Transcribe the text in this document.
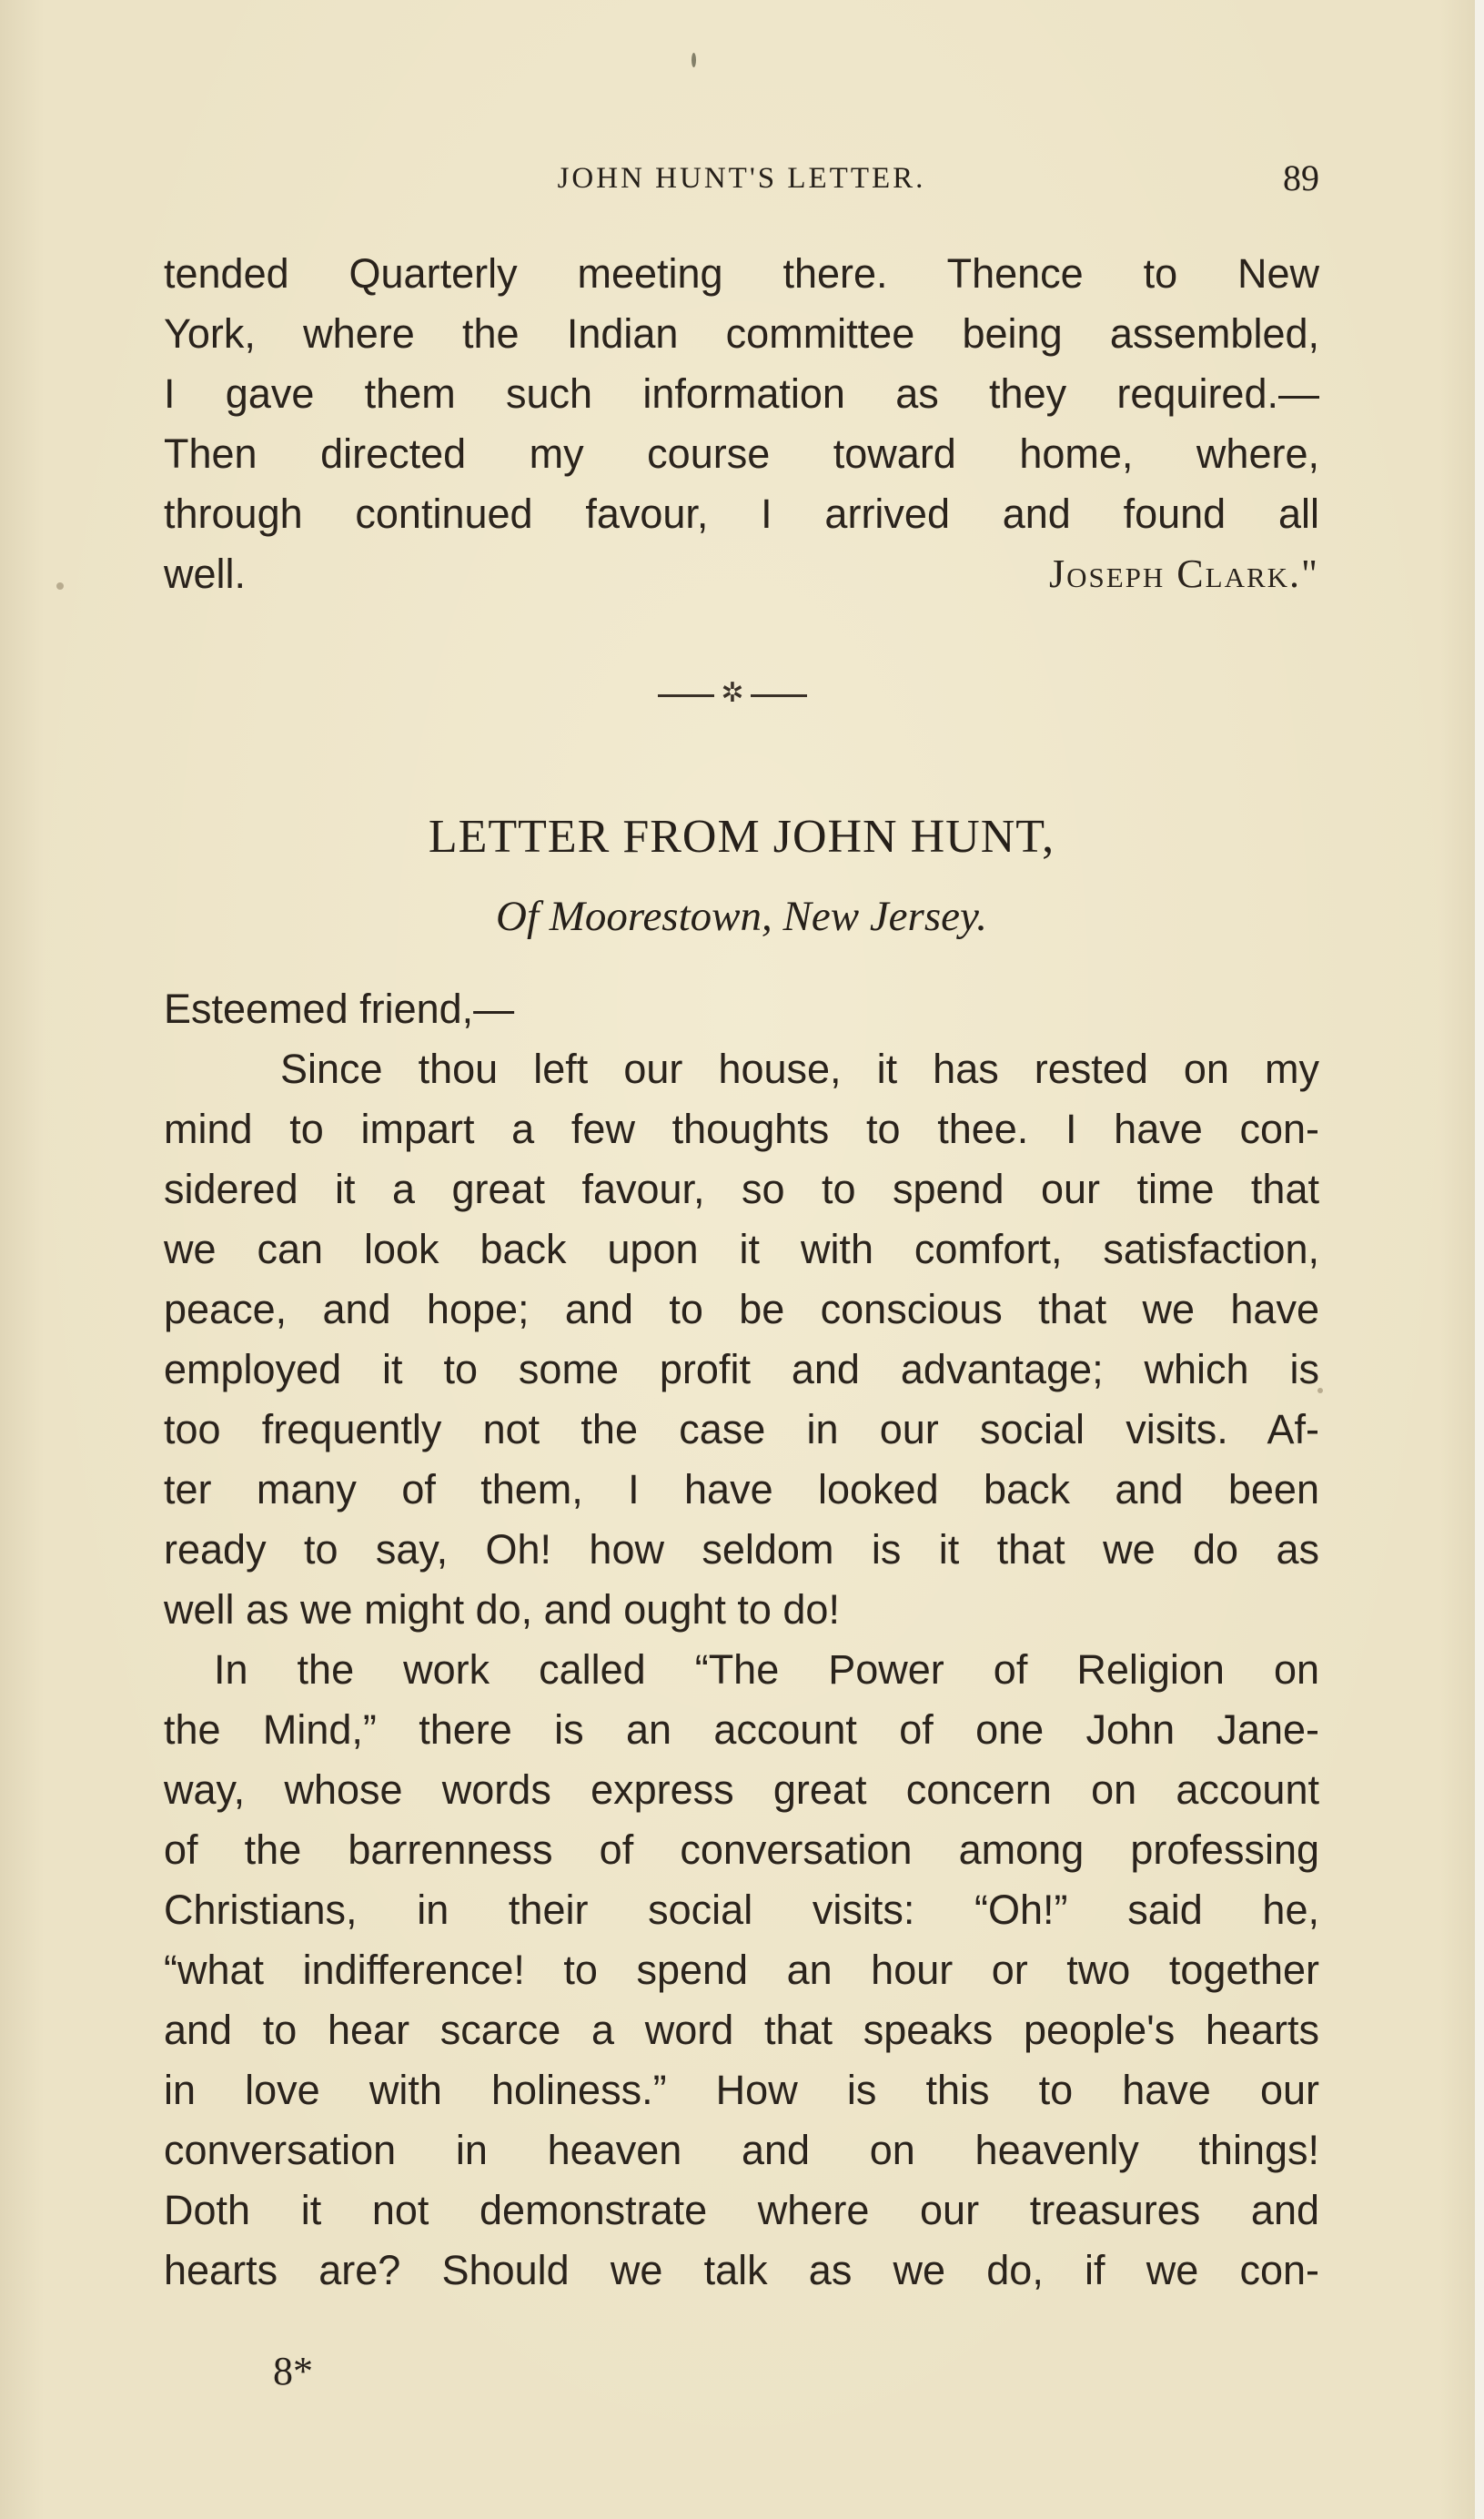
JOHN HUNT'S LETTER.	89
tended Quarterly meeting there. Thence to New
York, where the Indian committee being assembled,
I gave them such information as they required.—
Then directed my course toward home, where,
through continued favour, I arrived and found all
well.	Joseph Clark."
✲
LETTER FROM JOHN HUNT,
Of Moorestown, New Jersey.
Esteemed friend,—
Since thou left our house, it has rested on my
mind to impart a few thoughts to thee. I have con-
sidered it a great favour, so to spend our time that
we can look back upon it with comfort, satisfaction,
peace, and hope; and to be conscious that we have
employed it to some profit and advantage; which is
too frequently not the case in our social visits. Af-
ter many of them, I have looked back and been
ready to say, Oh! how seldom is it that we do as
well as we might do, and ought to do!
In the work called “The Power of Religion on
the Mind,” there is an account of one John Jane-
way, whose words express great concern on account
of the barrenness of conversation among professing
Christians, in their social visits: “Oh!” said he,
“what indifference! to spend an hour or two together
and to hear scarce a word that speaks people's hearts
in love with holiness.” How is this to have our
conversation in heaven and on heavenly things!
Doth it not demonstrate where our treasures and
hearts are? Should we talk as we do, if we con-
8*
